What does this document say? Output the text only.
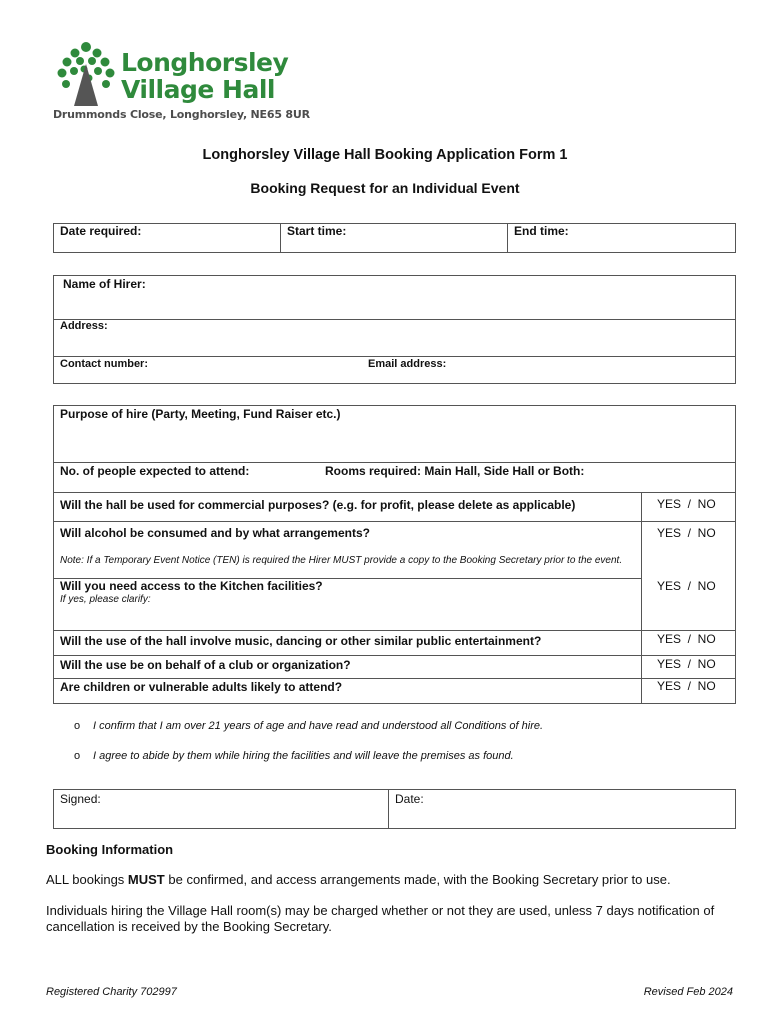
Longhorsley
Village Hall
Drummonds Close, Longhorsley, NE65 8UR
Longhorsley Village Hall Booking Application Form 1
Booking Request for an Individual Event
Date required:	Start time:	End time:
Name of Hirer:
Address:
Contact number:	Email address:
Purpose of hire (Party, Meeting, Fund Raiser etc.)
No. of people expected to attend:	Rooms required: Main Hall, Side Hall or Both:
Will the hall be used for commercial purposes? (e.g. for profit, please delete as applicable)	YES  /  NO
Will alcohol be consumed and by what arrangements?	YES  /  NO
Note: If a Temporary Event Notice (TEN) is required the Hirer MUST provide a copy to the Booking Secretary prior to the event.
Will you need access to the Kitchen facilities?	YES  /  NO
If yes, please clarify:
Will the use of the hall involve music, dancing or other similar public entertainment?	YES  /  NO
Will the use be on behalf of a club or organization?	YES  /  NO
Are children or vulnerable adults likely to attend?	YES  /  NO
o I confirm that I am over 21 years of age and have read and understood all Conditions of hire.
o I agree to abide by them while hiring the facilities and will leave the premises as found.
Signed:	Date:
Booking Information
ALL bookings MUST be confirmed, and access arrangements made, with the Booking Secretary prior to use.
Individuals hiring the Village Hall room(s) may be charged whether or not they are used, unless 7 days notification of cancellation is received by the Booking Secretary.
Registered Charity 702997	Revised Feb 2024
